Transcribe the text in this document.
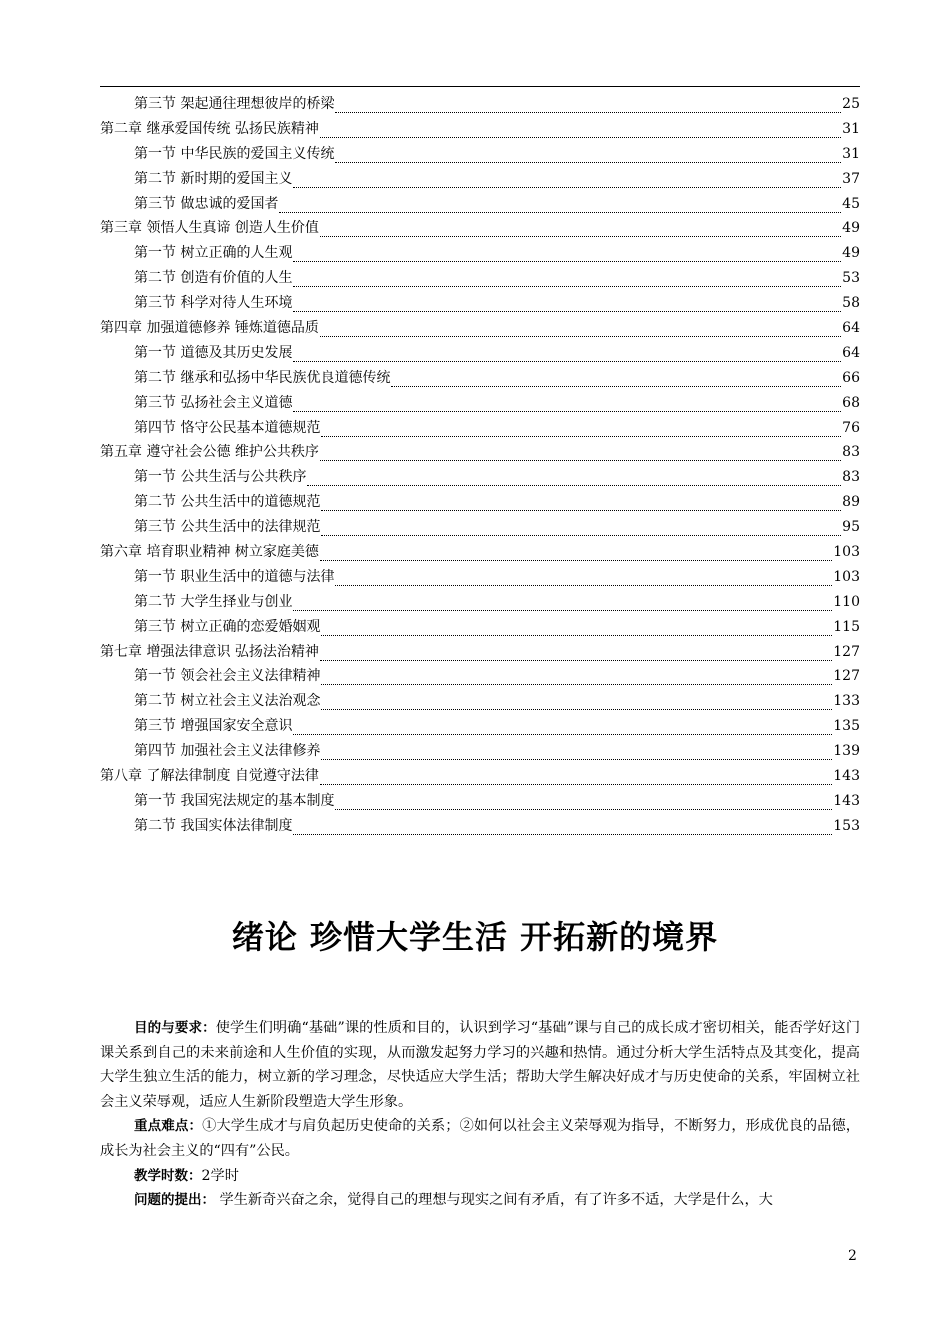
第三节 架起通往理想彼岸的桥梁	25
第二章 继承爱国传统 弘扬民族精神	31
第一节 中华民族的爱国主义传统	31
第二节 新时期的爱国主义	37
第三节 做忠诚的爱国者	45
第三章 领悟人生真谛 创造人生价值	49
第一节 树立正确的人生观	49
第二节 创造有价值的人生	53
第三节 科学对待人生环境	58
第四章 加强道德修养 锤炼道德品质	64
第一节 道德及其历史发展	64
第二节 继承和弘扬中华民族优良道德传统	66
第三节 弘扬社会主义道德	68
第四节 恪守公民基本道德规范	76
第五章 遵守社会公德 维护公共秩序	83
第一节 公共生活与公共秩序	83
第二节 公共生活中的道德规范	89
第三节 公共生活中的法律规范	95
第六章 培育职业精神 树立家庭美德	103
第一节 职业生活中的道德与法律	103
第二节 大学生择业与创业	110
第三节 树立正确的恋爱婚姻观	115
第七章 增强法律意识 弘扬法治精神	127
第一节 领会社会主义法律精神	127
第二节 树立社会主义法治观念	133
第三节 增强国家安全意识	135
第四节 加强社会主义法律修养	139
第八章 了解法律制度 自觉遵守法律	143
第一节 我国宪法规定的基本制度	143
第二节 我国实体法律制度	153
绪论 珍惜大学生活 开拓新的境界

目的与要求：使学生们明确“基础”课的性质和目的，认识到学习“基础”课与自己的成长成才密切相关，能否学好这门课关系到自己的未来前途和人生价值的实现，从而激发起努力学习的兴趣和热情。通过分析大学生活特点及其变化，提高大学生独立生活的能力，树立新的学习理念，尽快适应大学生活；帮助大学生解决好成才与历史使命的关系，牢固树立社会主义荣辱观，适应人生新阶段塑造大学生形象。

重点难点：①大学生成才与肩负起历史使命的关系；②如何以社会主义荣辱观为指导，不断努力，形成优良的品德，成长为社会主义的“四有”公民。

教学时数：2学时

问题的提出： 学生新奇兴奋之余，觉得自己的理想与现实之间有矛盾，有了许多不适，大学是什么，大

2
